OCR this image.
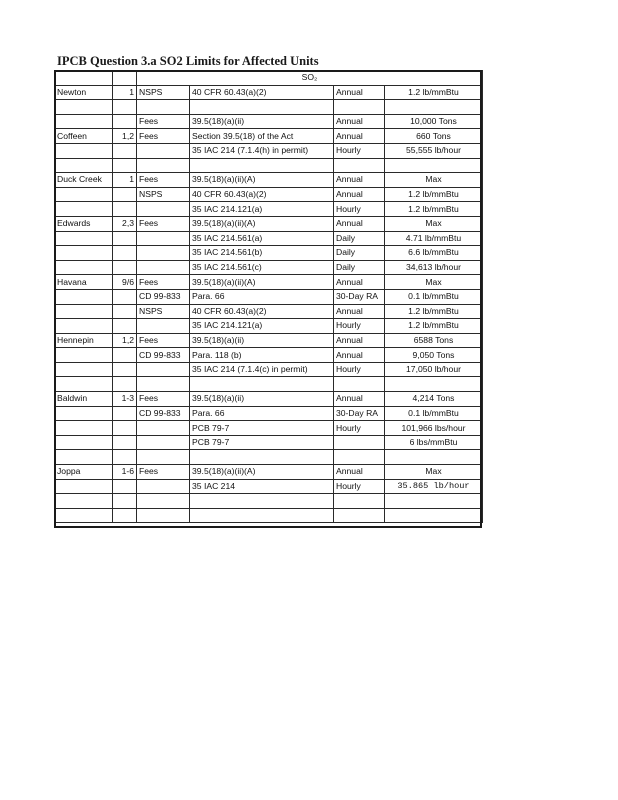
IPCB Question 3.a SO2 Limits for Affected Units
		SO₂			
Newton	1	NSPS	40 CFR 60.43(a)(2)	Annual	1.2 lb/mmBtu

		Fees	39.5(18)(a)(ii)	Annual	10,000 Tons
Coffeen	1,2	Fees	Section 39.5(18) of the Act	Annual	660 Tons
			35 IAC 214 (7.1.4(h) in permit)	Hourly	55,555 lb/hour

Duck Creek	1	Fees	39.5(18)(a)(ii)(A)	Annual	Max
		NSPS	40 CFR 60.43(a)(2)	Annual	1.2 lb/mmBtu
			35 IAC 214.121(a)	Hourly	1.2 lb/mmBtu
Edwards	2,3	Fees	39.5(18)(a)(ii)(A)	Annual	Max
			35 IAC 214.561(a)	Daily	4.71 lb/mmBtu
			35 IAC 214.561(b)	Daily	6.6 lb/mmBtu
			35 IAC 214.561(c)	Daily	34,613 lb/hour
Havana	9/6	Fees	39.5(18)(a)(ii)(A)	Annual	Max
		CD 99-833	Para. 66	30-Day RA	0.1 lb/mmBtu
		NSPS	40 CFR 60.43(a)(2)	Annual	1.2 lb/mmBtu
			35 IAC 214.121(a)	Hourly	1.2 lb/mmBtu
Hennepin	1,2	Fees	39.5(18)(a)(ii)	Annual	6588 Tons
		CD 99-833	Para. 118 (b)	Annual	9,050 Tons
			35 IAC 214 (7.1.4(c) in permit)	Hourly	17,050 lb/hour

Baldwin	1-3	Fees	39.5(18)(a)(ii)	Annual	4,214 Tons
		CD 99-833	Para. 66	30-Day RA	0.1 lb/mmBtu
			PCB 79-7	Hourly	101,966 lbs/hour
			PCB 79-7		6 lbs/mmBtu

Joppa	1-6	Fees	39.5(18)(a)(ii)(A)	Annual	Max
			35 IAC 214	Hourly	35.865 lb/hour
